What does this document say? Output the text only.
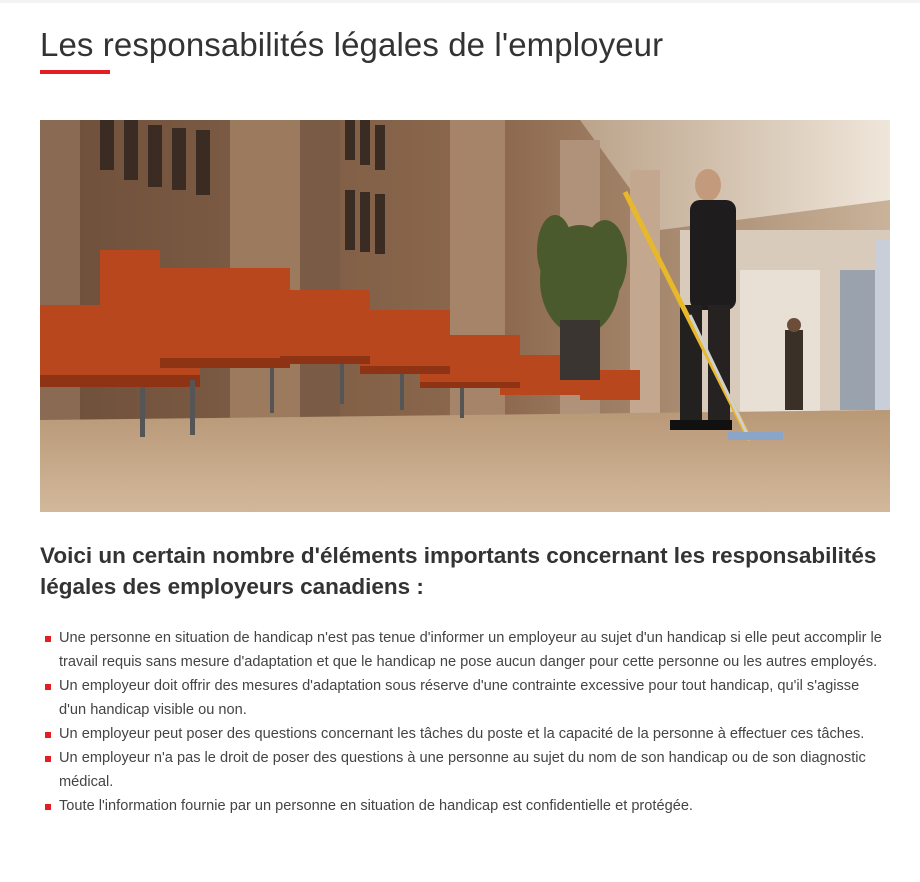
Les responsabilités légales de l'employeur
Voici un certain nombre d'éléments importants concernant les responsabilités légales des employeurs canadiens :
Une personne en situation de handicap n'est pas tenue d'informer un employeur au sujet d'un handicap si elle peut accomplir le travail requis sans mesure d'adaptation et que le handicap ne pose aucun danger pour cette personne ou les autres employés.
Un employeur doit offrir des mesures d'adaptation sous réserve d'une contrainte excessive pour tout handicap, qu'il s'agisse d'un handicap visible ou non.
Un employeur peut poser des questions concernant les tâches du poste et la capacité de la personne à effectuer ces tâches.
Un employeur n'a pas le droit de poser des questions à une personne au sujet du nom de son handicap ou de son diagnostic médical.
Toute l'information fournie par un personne en situation de handicap est confidentielle et protégée.
